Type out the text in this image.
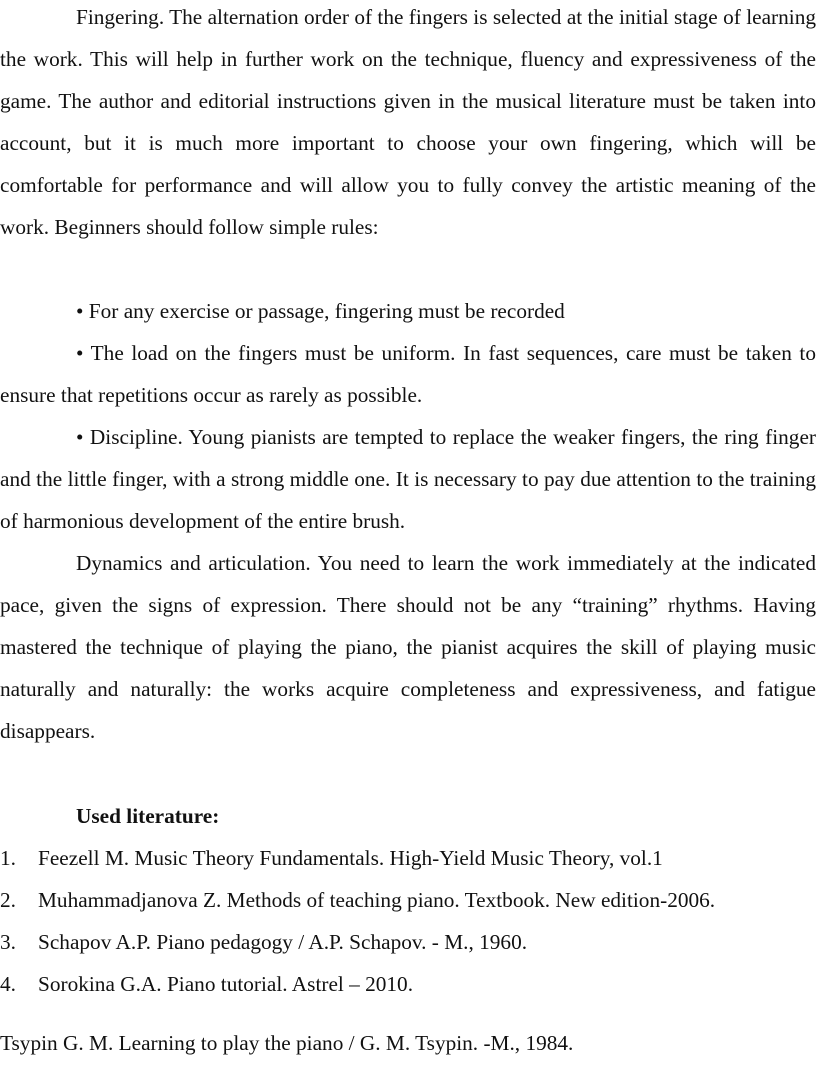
Fingering. The alternation order of the fingers is selected at the initial stage of learning the work. This will help in further work on the technique, fluency and expressiveness of the game. The author and editorial instructions given in the musical literature must be taken into account, but it is much more important to choose your own fingering, which will be comfortable for performance and will allow you to fully convey the artistic meaning of the work. Beginners should follow simple rules:

• For any exercise or passage, fingering must be recorded

• The load on the fingers must be uniform. In fast sequences, care must be taken to ensure that repetitions occur as rarely as possible.

• Discipline. Young pianists are tempted to replace the weaker fingers, the ring finger and the little finger, with a strong middle one. It is necessary to pay due attention to the training of harmonious development of the entire brush.

Dynamics and articulation. You need to learn the work immediately at the indicated pace, given the signs of expression. There should not be any “training” rhythms. Having mastered the technique of playing the piano, the pianist acquires the skill of playing music naturally and naturally: the works acquire completeness and expressiveness, and fatigue disappears.

Used literature:

1. Feezell M. Music Theory Fundamentals. High-Yield Music Theory, vol.1
2. Muhammadjanova Z. Methods of teaching piano. Textbook. New edition-2006.
3. Schapov A.P. Piano pedagogy / A.P. Schapov. - M., 1960.
4. Sorokina G.A. Piano tutorial. Astrel – 2010.

Tsypin G. M. Learning to play the piano / G. M. Tsypin. -M., 1984.
